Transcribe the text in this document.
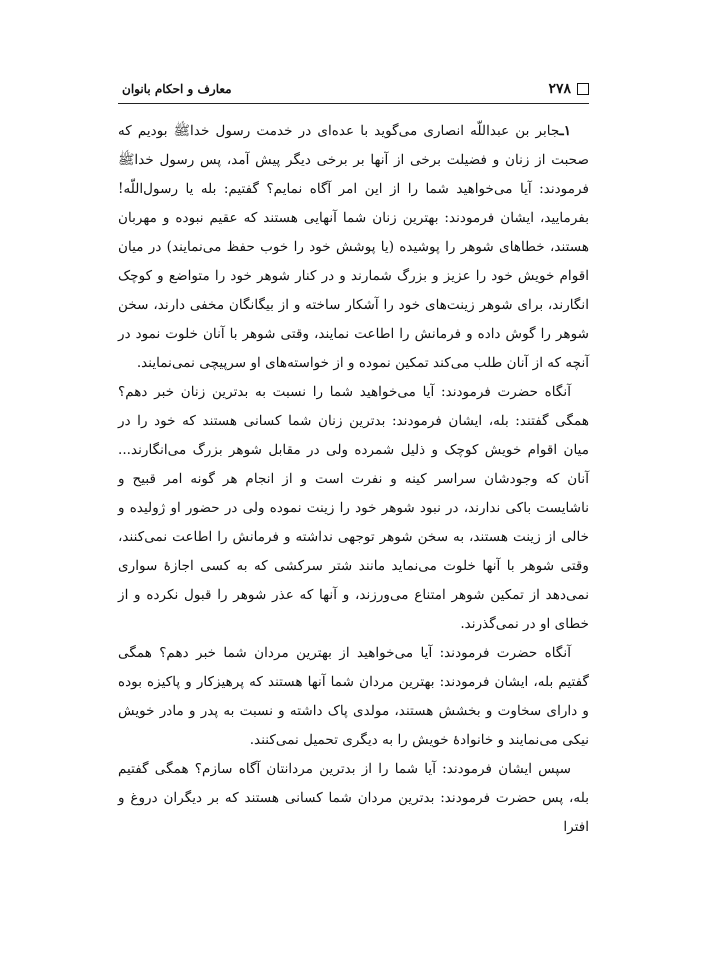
۲۷۸
معارف و احکام بانوان

۱ـجابر بن عبداللّه انصاری می‌گوید با عده‌ای در خدمت رسول خداﷺ بودیم که صحبت از زنان و فضیلت برخی از آنها بر برخی دیگر پیش آمد، پس رسول خداﷺ فرمودند: آیا می‌خواهید شما را از این امر آگاه نمایم؟ گفتیم: بله یا رسول‌اللّه! بفرمایید، ایشان فرمودند: بهترین زنان شما آنهایی هستند که عقیم نبوده و مهربان هستند، خطاهای شوهر را پوشیده (یا پوشش خود را خوب حفظ می‌نمایند) در میان اقوام خویش خود را عزیز و بزرگ شمارند و در کنار شوهر خود را متواضع و کوچک انگارند، برای شوهر زینت‌های خود را آشکار ساخته و از بیگانگان مخفی دارند، سخن شوهر را گوش داده و فرمانش را اطاعت نمایند، وقتی شوهر با آنان خلوت نمود در آنچه که از آنان طلب می‌کند تمکین نموده و از خواسته‌های او سرپیچی نمی‌نمایند.

آنگاه حضرت فرمودند: آیا می‌خواهید شما را نسبت به بدترین زنان خبر دهم؟ همگی گفتند: بله، ایشان فرمودند: بدترین زنان شما کسانی هستند که خود را در میان اقوام خویش کوچک و ذلیل شمرده ولی در مقابل شوهر بزرگ می‌انگارند... آنان که وجودشان سراسر کینه و نفرت است و از انجام هر گونه امر قبیح و ناشایست باکی ندارند، در نبود شوهر خود را زینت نموده ولی در حضور او ژولیده و خالی از زینت هستند، به سخن شوهر توجهی نداشته و فرمانش را اطاعت نمی‌کنند، وقتی شوهر با آنها خلوت می‌نماید مانند شتر سرکشی که به کسی اجازهٔ سواری نمی‌دهد از تمکین شوهر امتناع می‌ورزند، و آنها که عذر شوهر را قبول نکرده و از خطای او در نمی‌گذرند.

آنگاه حضرت فرمودند: آیا می‌خواهید از بهترین مردان شما خبر دهم؟ همگی گفتیم بله، ایشان فرمودند: بهترین مردان شما آنها هستند که پرهیزکار و پاکیزه بوده و دارای سخاوت و بخشش هستند، مولدی پاک داشته و نسبت به پدر و مادر خویش نیکی می‌نمایند و خانوادهٔ خویش را به دیگری تحمیل نمی‌کنند.

سپس ایشان فرمودند: آیا شما را از بدترین مردانتان آگاه سازم؟ همگی گفتیم بله، پس حضرت فرمودند: بدترین مردان شما کسانی هستند که بر دیگران دروغ و افترا
